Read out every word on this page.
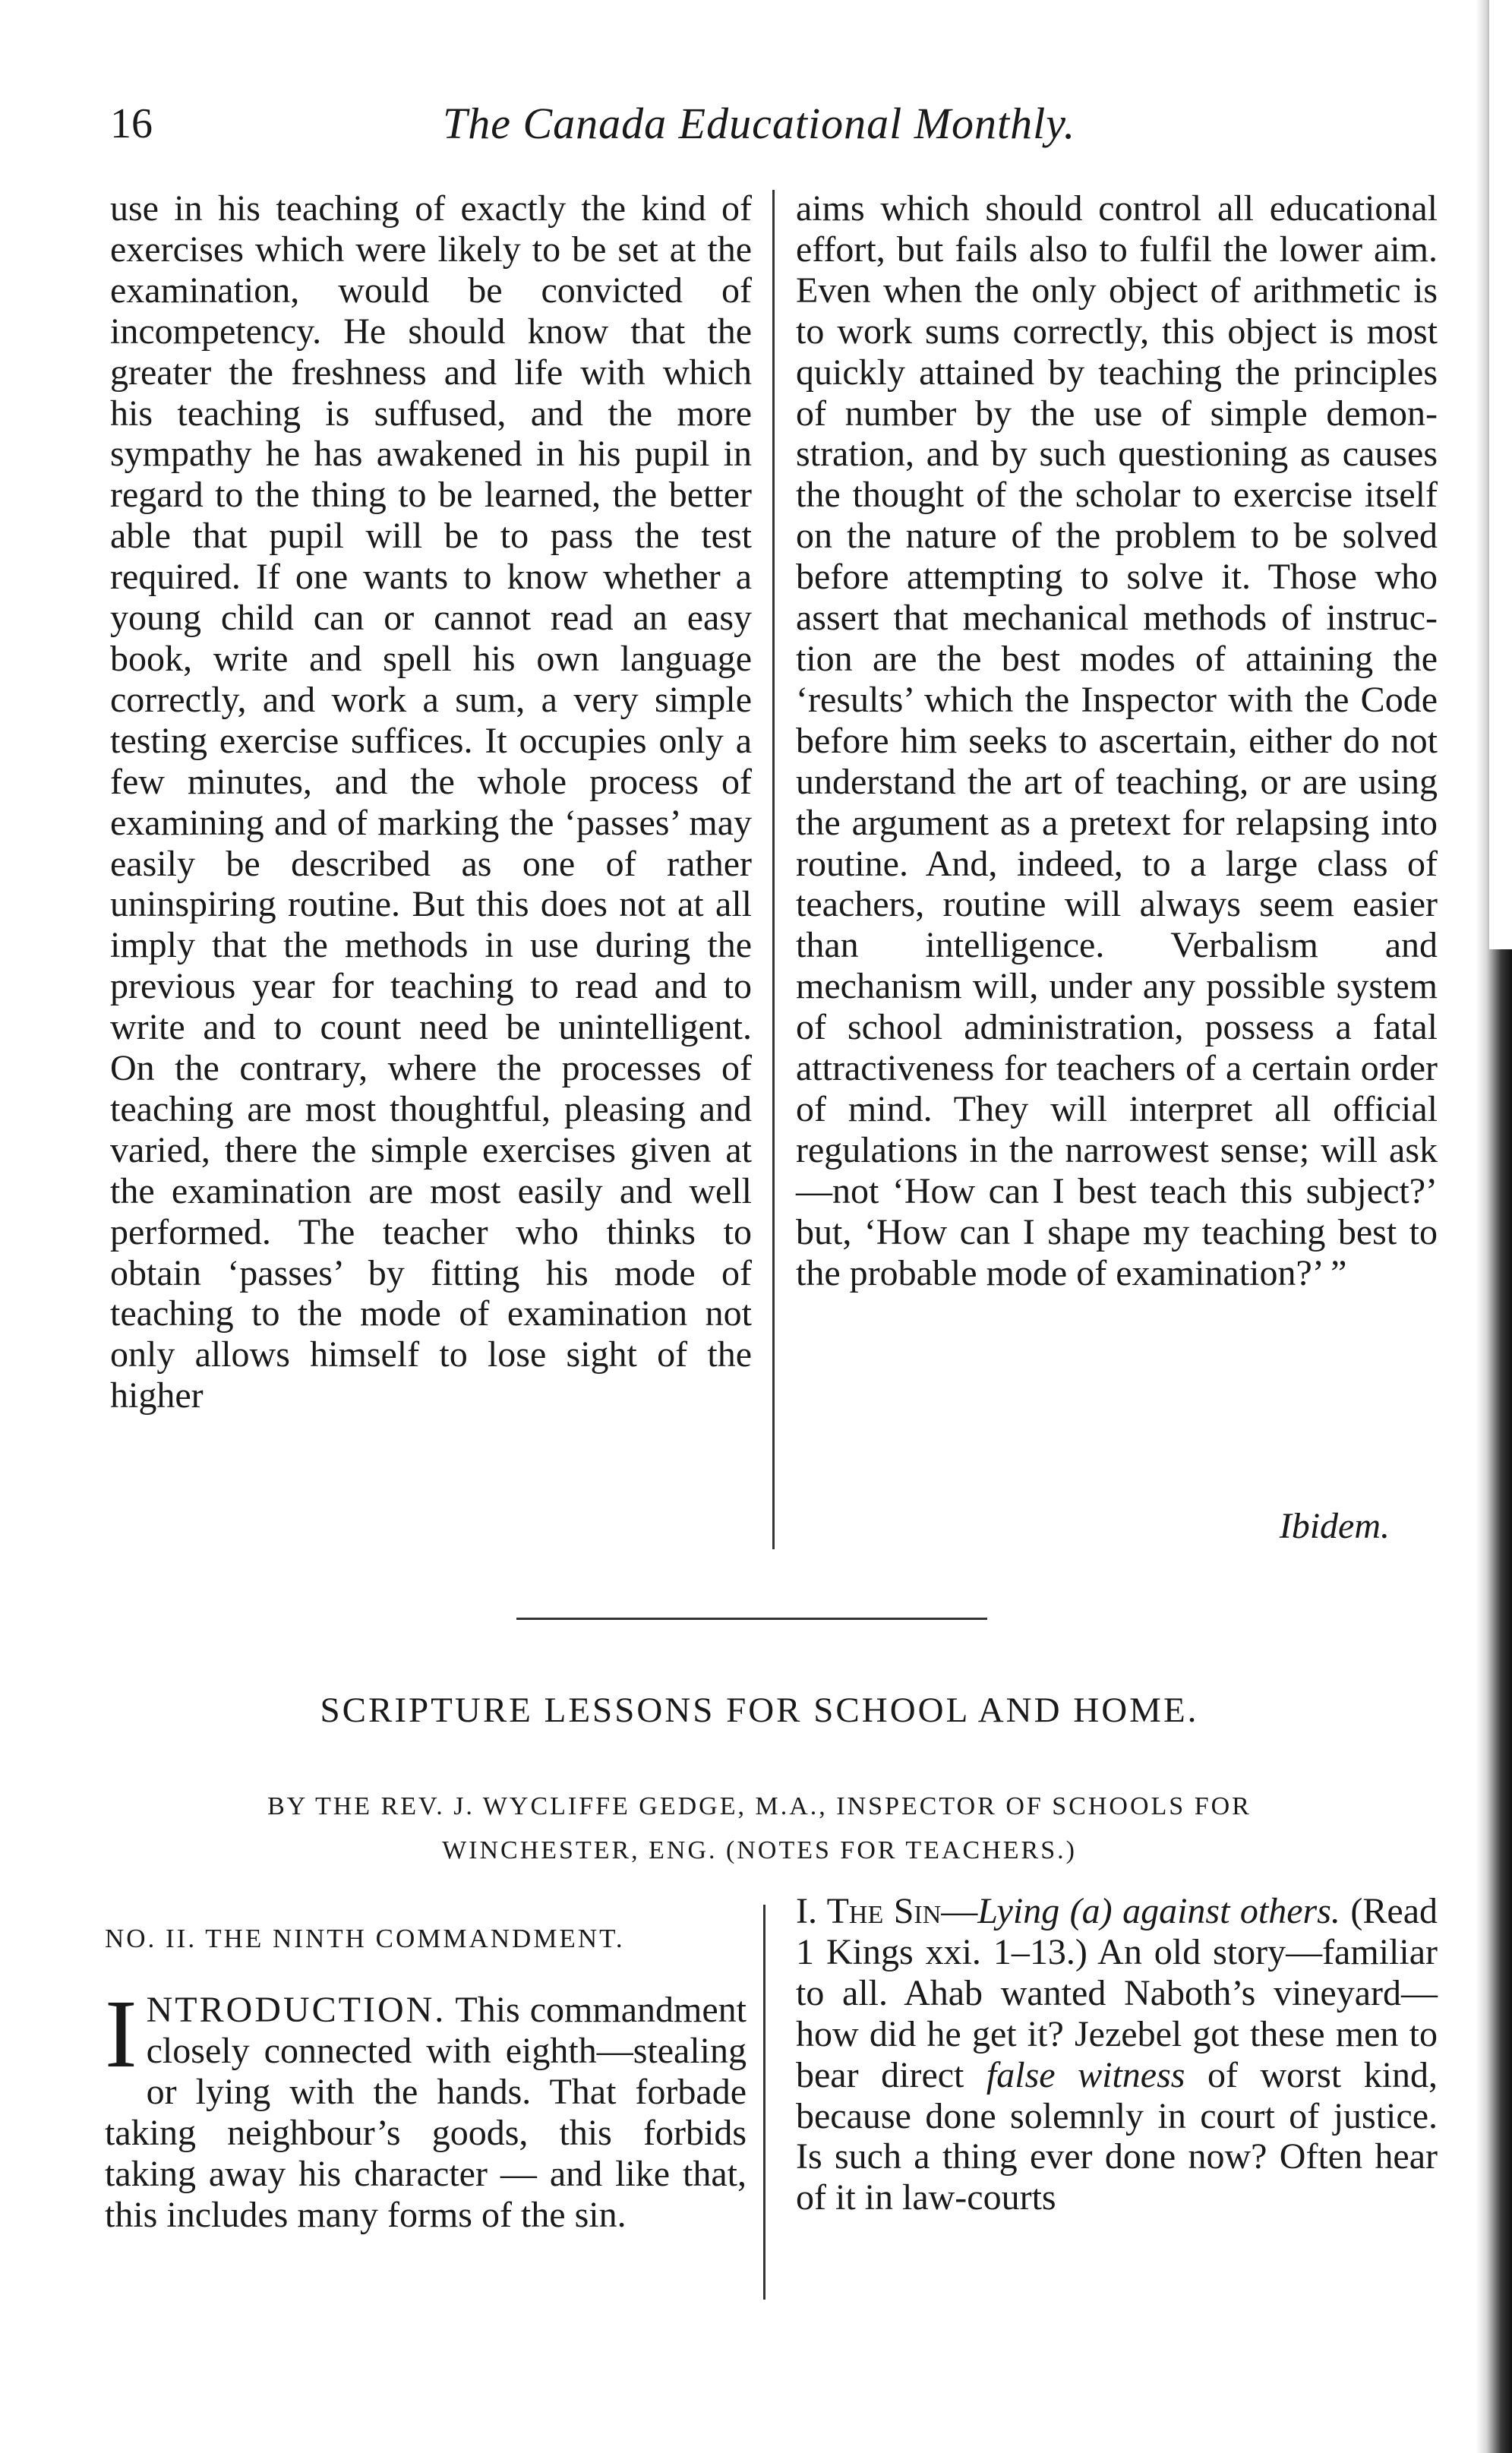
16	The Canada Educational Monthly.

use in his teaching of exactly the kind of exercises which were likely to be set at the examination, would be convicted of incompetency. He should know that the greater the freshness and life with which his teaching is suffused, and the more sympathy he has awakened in his pupil in regard to the thing to be learned, the better able that pupil will be to pass the test required. If one wants to know whether a young child can or cannot read an easy book, write and spell his own language correctly, and work a sum, a very simple testing exercise suffices. It occupies only a few minutes, and the whole process of examining and of marking the ‘passes’ may easily be described as one of rather uninspiring routine. But this does not at all imply that the methods in use during the previous year for teaching to read and to write and to count need be unintelligent. On the contrary, where the processes of teaching are most thoughtful, pleasing and varied, there the simple exercises given at the examination are most easily and well performed. The teacher who thinks to obtain ‘passes’ by fitting his mode of teaching to the mode of examination not only allows himself to lose sight of the higher

aims which should control all educational effort, but fails also to fulfil the lower aim. Even when the only object of arithmetic is to work sums correctly, this object is most quickly attained by teaching the principles of number by the use of simple demonstration, and by such questioning as causes the thought of the scholar to exercise itself on the nature of the problem to be solved before attempting to solve it. Those who assert that mechanical methods of instruction are the best modes of attaining the ‘results’ which the Inspector with the Code before him seeks to ascertain, either do not understand the art of teaching, or are using the argument as a pretext for relapsing into routine. And, indeed, to a large class of teachers, routine will always seem easier than intelligence. Verbalism and mechanism will, under any possible system of school administration, possess a fatal attractiveness for teachers of a certain order of mind. They will interpret all official regulations in the narrowest sense; will ask—not ‘How can I best teach this subject?’ but, ‘How can I shape my teaching best to the probable mode of examination?’ ”

Ibidem.
SCRIPTURE LESSONS FOR SCHOOL AND HOME.
BY THE REV. J. WYCLIFFE GEDGE, M.A., INSPECTOR OF SCHOOLS FOR
WINCHESTER, ENG. (NOTES FOR TEACHERS.)
NO. II. THE NINTH COMMANDMENT.

INTRODUCTION. This commandment closely connected with eighth—stealing or lying with the hands. That forbade taking neighbour’s goods, this forbids taking away his character — and like that, this includes many forms of the sin.

I. The Sin—Lying (a) against others. (Read 1 Kings xxi. 1–13.) An old story—familiar to all. Ahab wanted Naboth’s vineyard—how did he get it? Jezebel got these men to bear direct false witness of worst kind, because done solemnly in court of justice. Is such a thing ever done now? Often hear of it in law-courts
